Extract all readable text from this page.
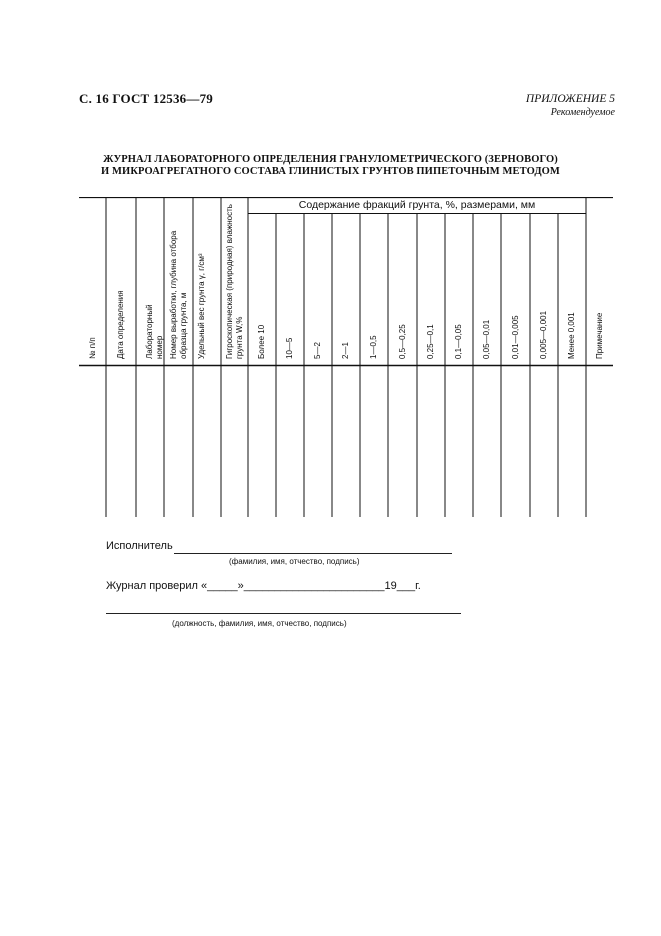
С. 16 ГОСТ 12536—79	ПРИЛОЖЕНИЕ 5
Рекомендуемое
ЖУРНАЛ ЛАБОРАТОРНОГО ОПРЕДЕЛЕНИЯ ГРАНУЛОМЕТРИЧЕСКОГО (ЗЕРНОВОГО)
И МИКРОАГРЕГАТНОГО СОСТАВА ГЛИНИСТЫХ ГРУНТОВ ПИПЕТОЧНЫМ МЕТОДОМ
Содержание фракций грунта, %, размерами, мм
№ п/п Дата определения	Лабораторный номер Номер выработки, глубина отбора образца грунта, м Удельный вес грунта γ, г/см³ Гигроскопическая (природная) влажность грунта W,% Более 10 10—5 5—2 2—1 1—0,5 0,5—0,25 0,25—0,1 0,1—0,05 0,05—0,01 0,01—0,005 0,005—0,001 Менее 0,001 Примечание
Исполнитель
(фамилия, имя, отчество, подпись)
Журнал проверил «_____»_______________________19___г.
(должность, фамилия, имя, отчество, подпись)
